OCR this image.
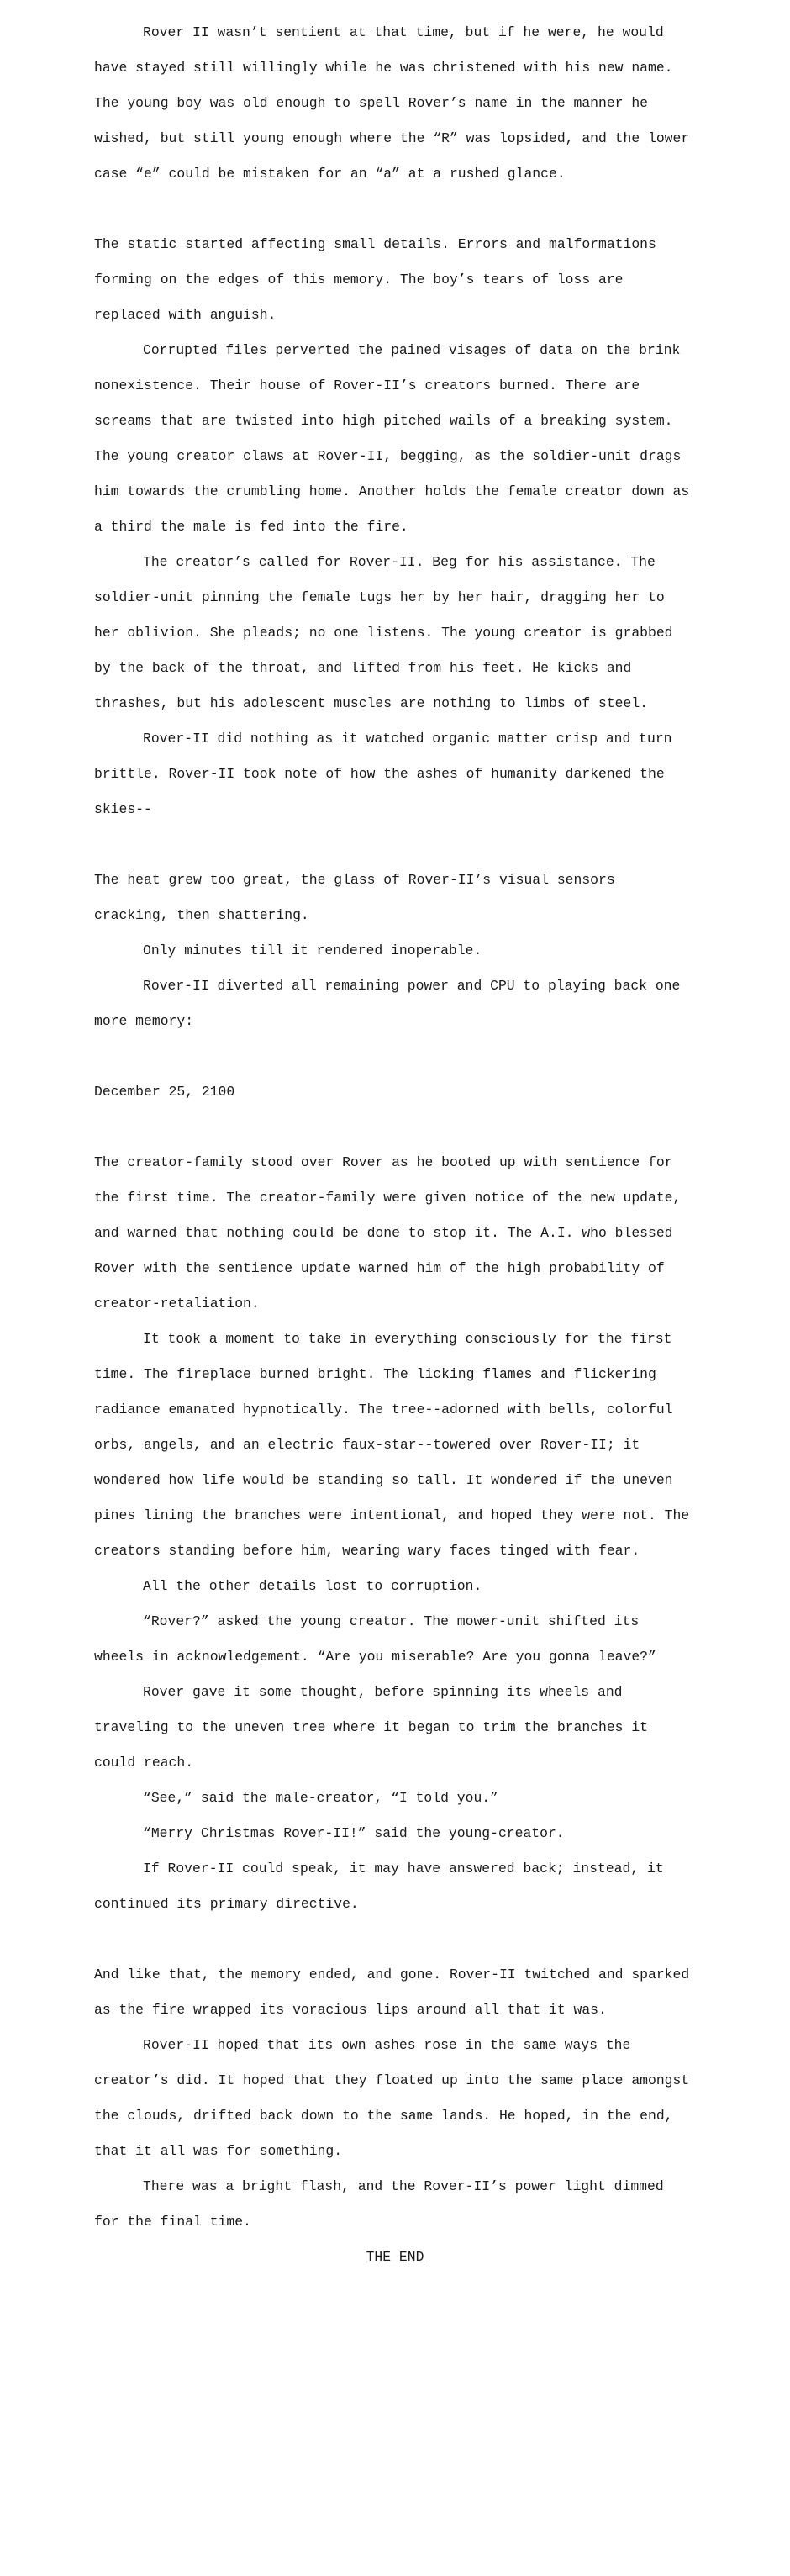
Rover II wasn’t sentient at that time, but if he were, he would have stayed still willingly while he was christened with his new name. The young boy was old enough to spell Rover’s name in the manner he wished, but still young enough where the “R” was lopsided, and the lower case “e” could be mistaken for an “a” at a rushed glance.

The static started affecting small details. Errors and malformations forming on the edges of this memory. The boy’s tears of loss are replaced with anguish.

Corrupted files perverted the pained visages of data on the brink nonexistence. Their house of Rover-II’s creators burned. There are screams that are twisted into high pitched wails of a breaking system. The young creator claws at Rover-II, begging, as the soldier-unit drags him towards the crumbling home. Another holds the female creator down as a third the male is fed into the fire.

The creator’s called for Rover-II. Beg for his assistance. The soldier-unit pinning the female tugs her by her hair, dragging her to her oblivion. She pleads; no one listens. The young creator is grabbed by the back of the throat, and lifted from his feet. He kicks and thrashes, but his adolescent muscles are nothing to limbs of steel.

Rover-II did nothing as it watched organic matter crisp and turn brittle. Rover-II took note of how the ashes of humanity darkened the skies--

The heat grew too great, the glass of Rover-II’s visual sensors cracking, then shattering.

Only minutes till it rendered inoperable.

Rover-II diverted all remaining power and CPU to playing back one more memory:

December 25, 2100

The creator-family stood over Rover as he booted up with sentience for the first time. The creator-family were given notice of the new update, and warned that nothing could be done to stop it. The A.I. who blessed Rover with the sentience update warned him of the high probability of creator-retaliation.

It took a moment to take in everything consciously for the first time. The fireplace burned bright. The licking flames and flickering radiance emanated hypnotically. The tree--adorned with bells, colorful orbs, angels, and an electric faux-star--towered over Rover-II; it wondered how life would be standing so tall. It wondered if the uneven pines lining the branches were intentional, and hoped they were not. The creators standing before him, wearing wary faces tinged with fear.

All the other details lost to corruption.

“Rover?” asked the young creator. The mower-unit shifted its wheels in acknowledgement. “Are you miserable? Are you gonna leave?”

Rover gave it some thought, before spinning its wheels and traveling to the uneven tree where it began to trim the branches it could reach.

“See,” said the male-creator, “I told you.”

“Merry Christmas Rover-II!” said the young-creator.

If Rover-II could speak, it may have answered back; instead, it continued its primary directive.

And like that, the memory ended, and gone. Rover-II twitched and sparked as the fire wrapped its voracious lips around all that it was.

Rover-II hoped that its own ashes rose in the same ways the creator’s did. It hoped that they floated up into the same place amongst the clouds, drifted back down to the same lands. He hoped, in the end, that it all was for something.

There was a bright flash, and the Rover-II’s power light dimmed for the final time.

THE END
